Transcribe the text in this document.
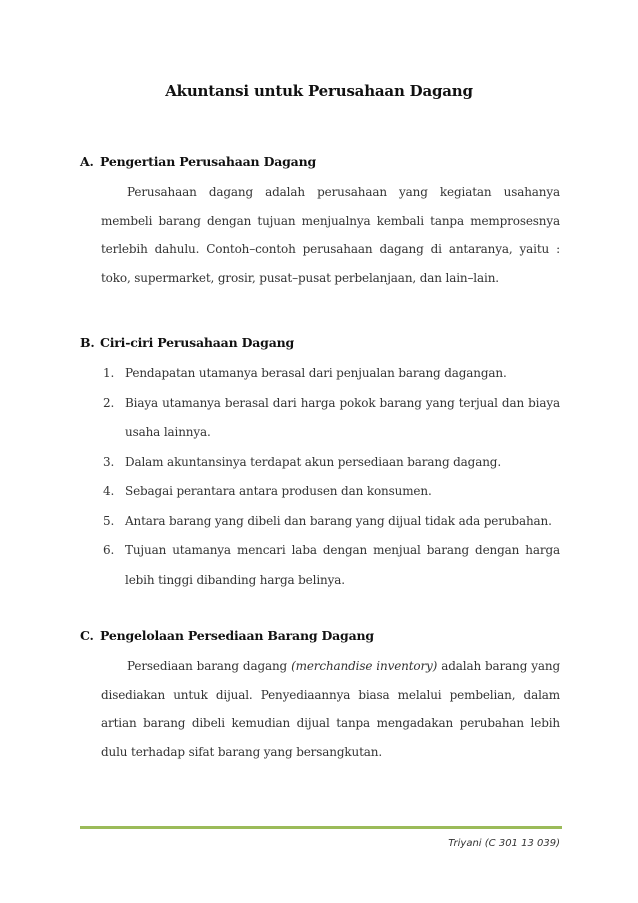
Akuntansi untuk Perusahaan Dagang
A. Pengertian Perusahaan Dagang
Perusahaan dagang adalah perusahaan yang kegiatan usahanya membeli barang dengan tujuan menjualnya kembali tanpa memprosesnya terlebih dahulu. Contoh–contoh perusahaan dagang di antaranya, yaitu : toko, supermarket, grosir, pusat–pusat perbelanjaan, dan lain–lain.
B. Ciri-ciri Perusahaan Dagang
1. Pendapatan utamanya berasal dari penjualan barang dagangan.
2. Biaya utamanya berasal dari harga pokok barang yang terjual dan biaya usaha lainnya.
3. Dalam akuntansinya terdapat akun persediaan barang dagang.
4. Sebagai perantara antara produsen dan konsumen.
5. Antara barang yang dibeli dan barang yang dijual tidak ada perubahan.
6. Tujuan utamanya mencari laba dengan menjual barang dengan harga lebih tinggi dibanding harga belinya.
C. Pengelolaan Persediaan Barang Dagang
Persediaan barang dagang (merchandise inventory) adalah barang yang disediakan untuk dijual. Penyediaannya biasa melalui pembelian, dalam artian barang dibeli kemudian dijual tanpa mengadakan perubahan lebih dulu terhadap sifat barang yang bersangkutan.
Triyani (C 301 13 039)
